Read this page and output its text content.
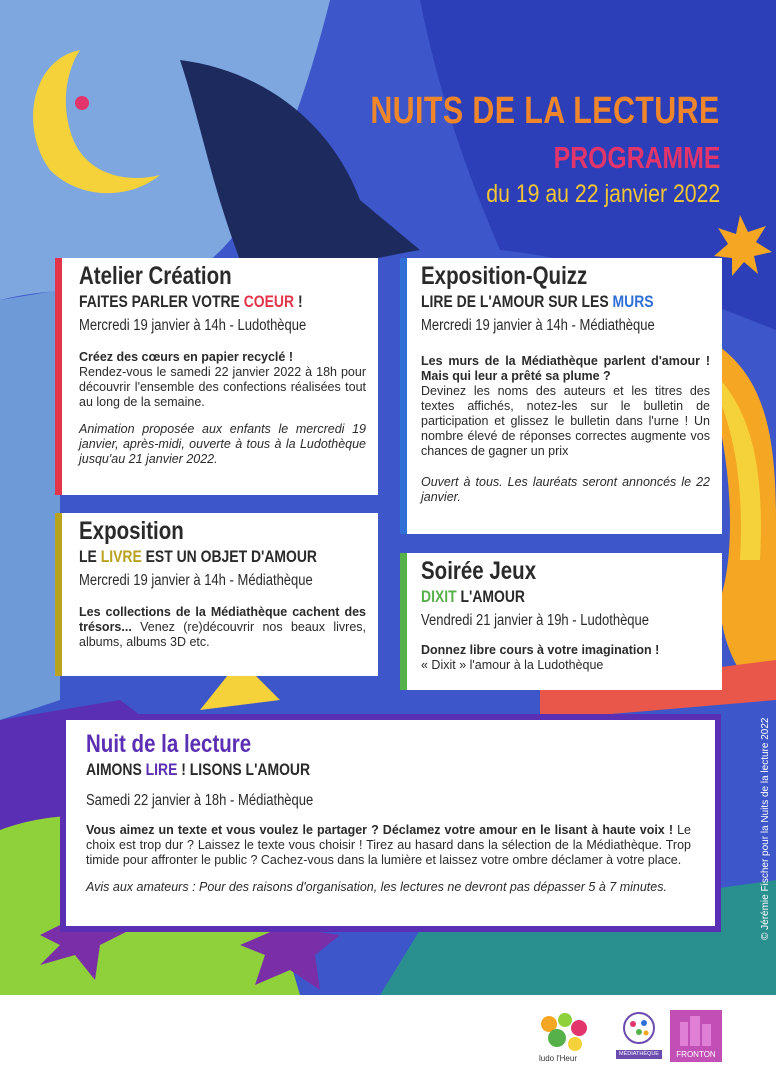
NUITS DE LA LECTURE
PROGRAMME
du 19 au 22 janvier 2022
Atelier Création
FAITES PARLER VOTRE COEUR !
Mercredi 19 janvier à 14h - Ludothèque
Créez des cœurs en papier recyclé !
Rendez-vous le samedi 22 janvier 2022 à 18h pour découvrir l'ensemble des confections réalisées tout au long de la semaine.
Animation proposée aux enfants le mercredi 19 janvier, après-midi, ouverte à tous à la Ludothèque jusqu'au 21 janvier 2022.
Exposition-Quizz
LIRE DE L'AMOUR SUR LES MURS
Mercredi 19 janvier à 14h - Médiathèque
Les murs de la Médiathèque parlent d'amour ! Mais qui leur a prêté sa plume ?
Devinez les noms des auteurs et les titres des textes affichés, notez-les sur le bulletin de participation et glissez le bulletin dans l'urne ! Un nombre élevé de réponses correctes augmente vos chances de gagner un prix
Ouvert à tous. Les lauréats seront annoncés le 22 janvier.
Exposition
LE LIVRE EST UN OBJET D'AMOUR
Mercredi 19 janvier à 14h - Médiathèque
Les collections de la Médiathèque cachent des trésors... Venez (re)découvrir nos beaux livres, albums, albums 3D etc.
Soirée Jeux
DIXIT L'AMOUR
Vendredi 21 janvier à 19h - Ludothèque
Donnez libre cours à votre imagination !
« Dixit » l'amour à la Ludothèque
Nuit de la lecture
AIMONS LIRE ! LISONS L'AMOUR
Samedi 22 janvier à 18h - Médiathèque
Vous aimez un texte et vous voulez le partager ? Déclamez votre amour en le lisant à haute voix ! Le choix est trop dur ? Laissez le texte vous choisir ! Tirez au hasard dans la sélection de la Médiathèque. Trop timide pour affronter le public ? Cachez-vous dans la lumière et laissez votre ombre déclamer à votre place.
Avis aux amateurs : Pour des raisons d'organisation, les lectures ne devront pas dépasser 5 à 7 minutes.	© Jérémie Fischer pour la Nuits de la lecture 2022
ludo l'Heur	MÉDIATHÈQUE	FRONTON
